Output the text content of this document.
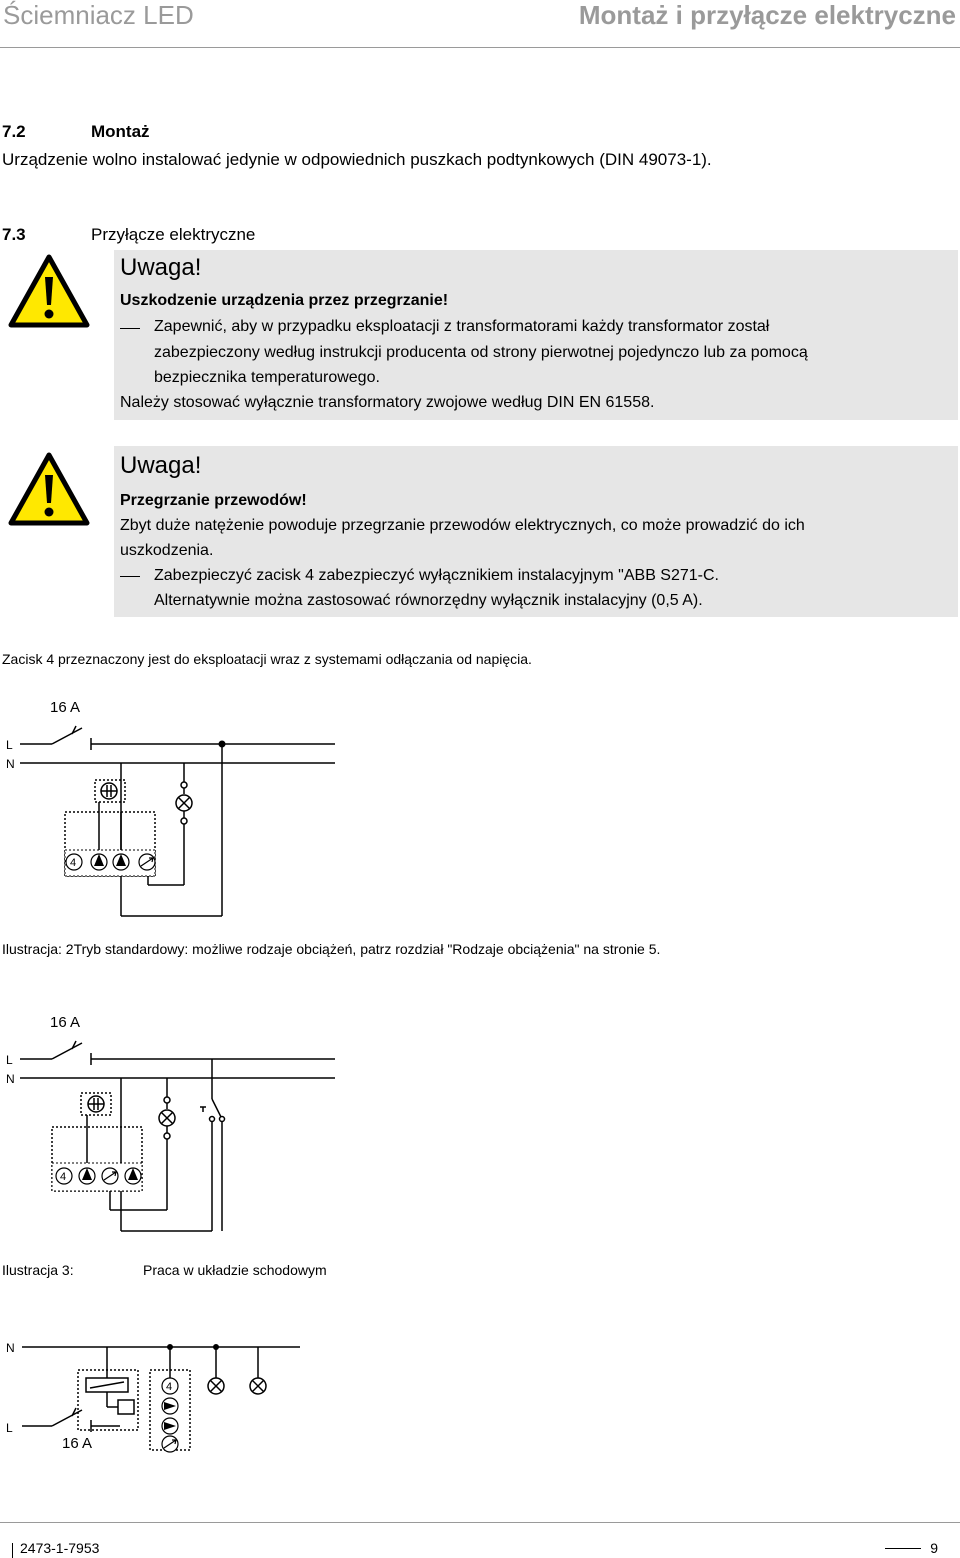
Ściemniacz LED	Montaż i przyłącze elektryczne
7.2	Montaż
Urządzenie wolno instalować jedynie w odpowiednich puszkach podtynkowych (DIN 49073-1).
7.3	Przyłącze elektryczne
Uwaga!
Uszkodzenie urządzenia przez przegrzanie!
Zapewnić, aby w przypadku eksploatacji z transformatorami każdy transformator został
zabezpieczony według instrukcji producenta od strony pierwotnej pojedynczo lub za pomocą
bezpiecznika temperaturowego.
Należy stosować wyłącznie transformatory zwojowe według DIN EN 61558.
Uwaga!
Przegrzanie przewodów!
Zbyt duże natężenie powoduje przegrzanie przewodów elektrycznych, co może prowadzić do ich
uszkodzenia.
Zabezpieczyć zacisk 4 zabezpieczyć wyłącznikiem instalacyjnym "ABB S271-C.
Alternatywnie można zastosować równorzędny wyłącznik instalacyjny (0,5 A).
Zacisk 4 przeznaczony jest do eksploatacji wraz z systemami odłączania od napięcia.
16 A
L
N
4
Ilustracja: 2Tryb standardowy: możliwe rodzaje obciążeń, patrz rozdział "Rodzaje obciążenia" na stronie 5.
16 A
L
N
4
Ilustracja 3:	Praca w układzie schodowym
N
L
16 A
4
2473-1-7953	9
